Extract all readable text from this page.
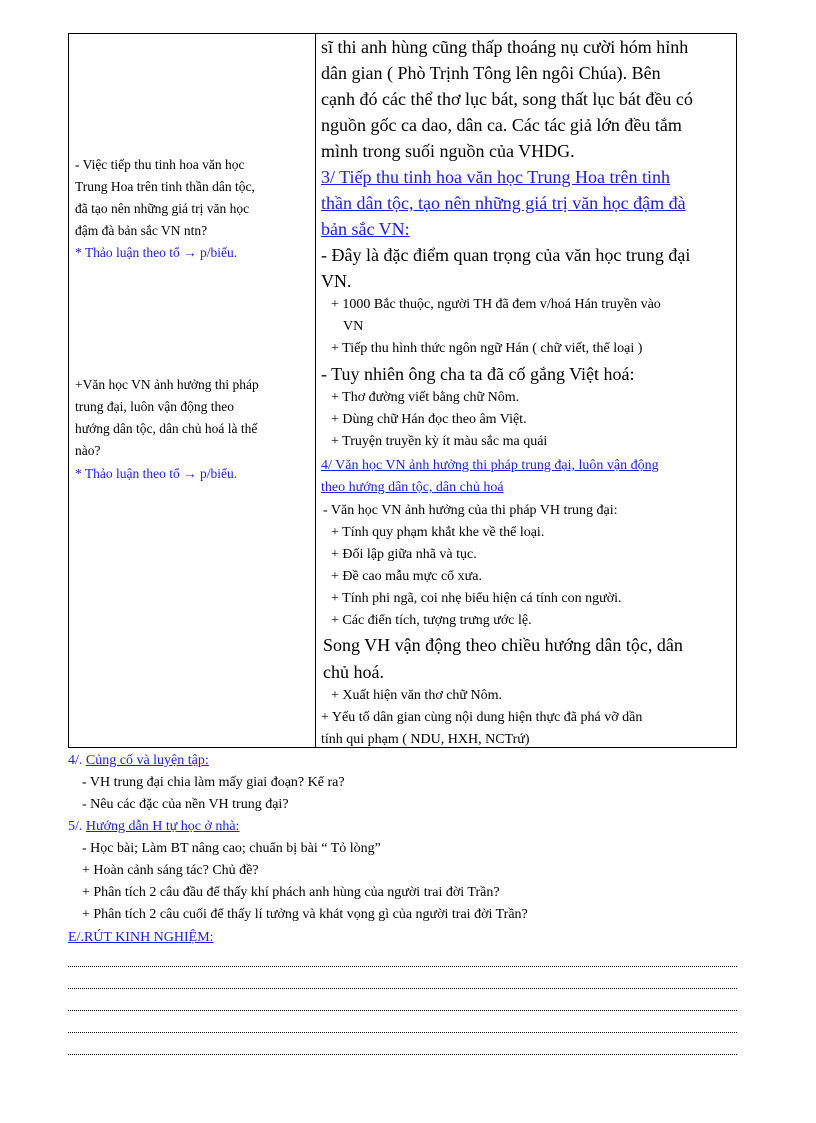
- Việc tiếp thu tinh hoa văn học
Trung Hoa trên tinh thần dân tộc,
đã tạo nên những giá trị văn học
đậm đà bản sắc VN ntn?
* Thảo luận theo tổ → p/biểu.
+Văn học VN ảnh hưởng thi pháp
trung đại, luôn vận động theo
hướng dân tộc, dân chủ hoá là thế
nào?
* Thảo luận theo tổ → p/biểu.
sĩ thi anh hùng cũng thấp thoáng nụ cười hóm hỉnh
dân gian ( Phò Trịnh Tông lên ngôi Chúa). Bên
cạnh đó các thể thơ lục bát, song thất lục bát đều có
nguồn gốc ca dao, dân ca. Các tác giả lớn đều tắm
mình trong suối nguồn của VHDG.
3/ Tiếp thu tinh hoa văn học Trung Hoa trên tinh
thần dân tộc, tạo nên những giá trị văn học đậm đà
bản sắc VN:
- Đây là đặc điểm quan trọng của văn học trung đại
VN.
+ 1000 Bắc thuộc, người TH đã đem v/hoá Hán truyền vào
VN
+ Tiếp thu hình thức ngôn ngữ Hán ( chữ viết, thể loại )
- Tuy nhiên ông cha ta đã cố gắng Việt hoá:
+ Thơ đường viết bằng chữ Nôm.
+ Dùng chữ Hán đọc theo âm Việt.
+ Truyện truyền kỳ ít màu sắc ma quái
4/ Văn học VN ảnh hưởng thi pháp trung đại, luôn vận động
theo hướng dân tộc, dân chủ hoá
- Văn học VN ảnh hưởng của thi pháp VH trung đại:
+ Tính quy phạm khắt khe về thể loại.
+ Đối lập giữa nhã và tục.
+ Đề cao mẫu mực cổ xưa.
+ Tính phi ngã, coi nhẹ biểu hiện cá tính con người.
+ Các điển tích, tượng trưng ước lệ.
Song VH vận động theo chiều hướng dân tộc, dân
chủ hoá.
+ Xuất hiện văn thơ chữ Nôm.
+ Yếu tố dân gian cùng nội dung hiện thực đã phá vỡ dần
tính qui phạm ( NDU, HXH, NCTrứ)
4/. Củng cố và luyện tập:
- VH trung đại chia làm mấy giai đoạn? Kể ra?
- Nêu các đặc của nền VH trung đại?
5/. Hướng dẫn H tự học ở nhà:
- Học bài; Làm BT nâng cao; chuẩn bị bài “ Tỏ lòng”
+ Hoàn cảnh sáng tác? Chủ đề?
+ Phân tích 2 câu đầu để thấy khí phách anh hùng của người trai đời Trần?
+ Phân tích 2 câu cuối để thấy lí tưởng và khát vọng gì của người trai đời Trần?
E/.RÚT KINH NGHIỆM:
